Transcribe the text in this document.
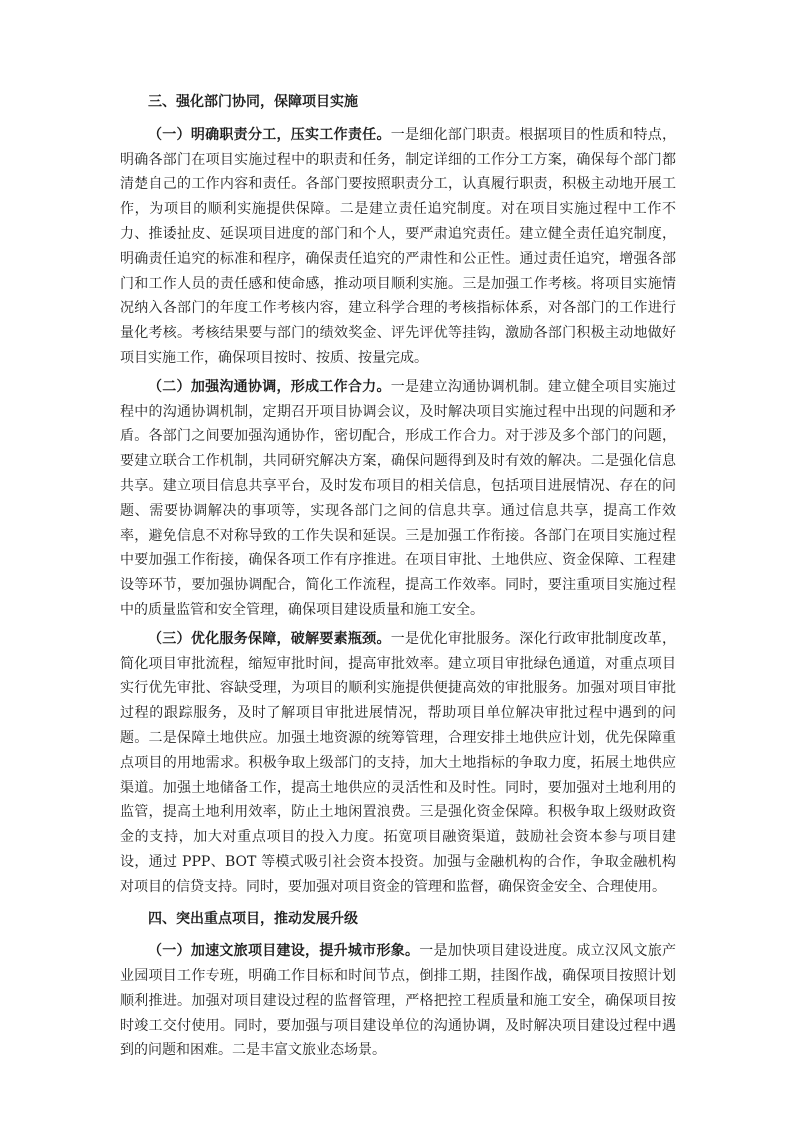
三、强化部门协同，保障项目实施

（一）明确职责分工，压实工作责任。一是细化部门职责。根据项目的性质和特点，明确各部门在项目实施过程中的职责和任务，制定详细的工作分工方案，确保每个部门都清楚自己的工作内容和责任。各部门要按照职责分工，认真履行职责，积极主动地开展工作，为项目的顺利实施提供保障。二是建立责任追究制度。对在项目实施过程中工作不力、推诿扯皮、延误项目进度的部门和个人，要严肃追究责任。建立健全责任追究制度，明确责任追究的标准和程序，确保责任追究的严肃性和公正性。通过责任追究，增强各部门和工作人员的责任感和使命感，推动项目顺利实施。三是加强工作考核。将项目实施情况纳入各部门的年度工作考核内容，建立科学合理的考核指标体系，对各部门的工作进行量化考核。考核结果要与部门的绩效奖金、评先评优等挂钩，激励各部门积极主动地做好项目实施工作，确保项目按时、按质、按量完成。

（二）加强沟通协调，形成工作合力。一是建立沟通协调机制。建立健全项目实施过程中的沟通协调机制，定期召开项目协调会议，及时解决项目实施过程中出现的问题和矛盾。各部门之间要加强沟通协作，密切配合，形成工作合力。对于涉及多个部门的问题，要建立联合工作机制，共同研究解决方案，确保问题得到及时有效的解决。二是强化信息共享。建立项目信息共享平台，及时发布项目的相关信息，包括项目进展情况、存在的问题、需要协调解决的事项等，实现各部门之间的信息共享。通过信息共享，提高工作效率，避免信息不对称导致的工作失误和延误。三是加强工作衔接。各部门在项目实施过程中要加强工作衔接，确保各项工作有序推进。在项目审批、土地供应、资金保障、工程建设等环节，要加强协调配合，简化工作流程，提高工作效率。同时，要注重项目实施过程中的质量监管和安全管理，确保项目建设质量和施工安全。

（三）优化服务保障，破解要素瓶颈。一是优化审批服务。深化行政审批制度改革，简化项目审批流程，缩短审批时间，提高审批效率。建立项目审批绿色通道，对重点项目实行优先审批、容缺受理，为项目的顺利实施提供便捷高效的审批服务。加强对项目审批过程的跟踪服务，及时了解项目审批进展情况，帮助项目单位解决审批过程中遇到的问题。二是保障土地供应。加强土地资源的统筹管理，合理安排土地供应计划，优先保障重点项目的用地需求。积极争取上级部门的支持，加大土地指标的争取力度，拓展土地供应渠道。加强土地储备工作，提高土地供应的灵活性和及时性。同时，要加强对土地利用的监管，提高土地利用效率，防止土地闲置浪费。三是强化资金保障。积极争取上级财政资金的支持，加大对重点项目的投入力度。拓宽项目融资渠道，鼓励社会资本参与项目建设，通过 PPP、BOT 等模式吸引社会资本投资。加强与金融机构的合作，争取金融机构对项目的信贷支持。同时，要加强对项目资金的管理和监督，确保资金安全、合理使用。

四、突出重点项目，推动发展升级

（一）加速文旅项目建设，提升城市形象。一是加快项目建设进度。成立汉风文旅产业园项目工作专班，明确工作目标和时间节点，倒排工期，挂图作战，确保项目按照计划顺利推进。加强对项目建设过程的监督管理，严格把控工程质量和施工安全，确保项目按时竣工交付使用。同时，要加强与项目建设单位的沟通协调，及时解决项目建设过程中遇到的问题和困难。二是丰富文旅业态场景。
